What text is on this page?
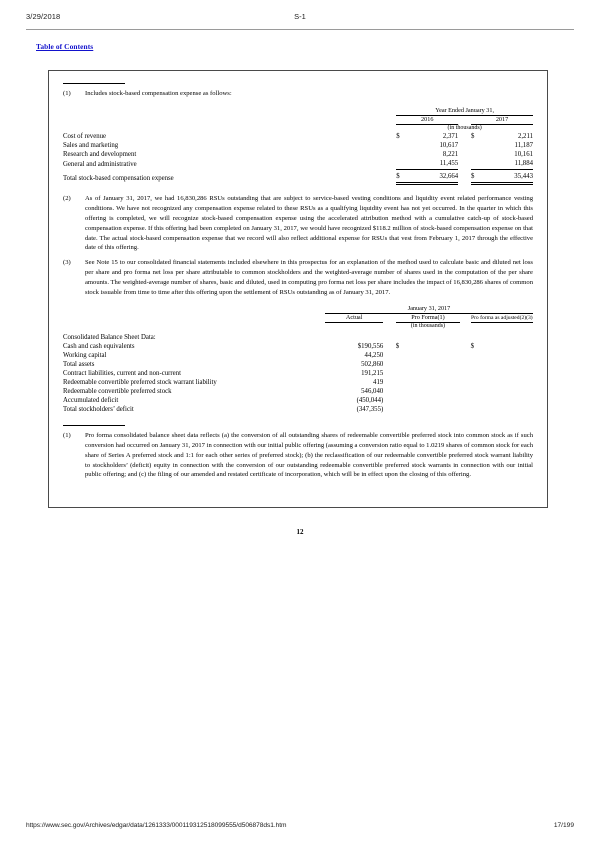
3/29/2018	S-1
Table of Contents
(1)	Includes stock-based compensation expense as follows:
	Year Ended January 31,				
	2016			2017	
	(in thousands)				
Cost of revenue	$	2,371		$	2,211
Sales and marketing		10,617			11,187
Research and development		8,221			10,161
General and administrative		11,455			11,884

Total stock-based compensation expense	$	32,664		$	35,443
(2)	As of January 31, 2017, we had 16,830,286 RSUs outstanding that are subject to service-based vesting conditions and liquidity event related performance vesting conditions. We have not recognized any compensation expense related to these RSUs as a qualifying liquidity event has not yet occurred. In the quarter in which this offering is completed, we will recognize stock-based compensation expense using the accelerated attribution method with a cumulative catch-up of stock-based compensation expense. If this offering had been completed on January 31, 2017, we would have recognized $118.2 million of stock-based compensation expense on that date. The actual stock-based compensation expense that we record will also reflect additional expense for RSUs that vest from February 1, 2017 through the effective date of this offering.
(3)	See Note 15 to our consolidated financial statements included elsewhere in this prospectus for an explanation of the method used to calculate basic and diluted net loss per share and pro forma net loss per share attributable to common stockholders and the weighted-average number of shares used in the computation of the per share amounts. The weighted-average number of shares, basic and diluted, used in computing pro forma net loss per share includes the impact of 16,830,286 shares of common stock issuable from time to time after this offering upon the settlement of RSUs outstanding as of January 31, 2017.
	January 31, 2017				
	Actual		Pro Forma(1)		Pro forma as adjusted(2)(3)
			(in thousands)		

Consolidated Balance Sheet Data:					
Cash and cash equivalents	$190,556		$		$
Working capital	44,250				
Total assets	502,860				
Contract liabilities, current and non-current	191,215				
Redeemable convertible preferred stock warrant liability	419				
Redeemable convertible preferred stock	546,040				
Accumulated deficit	(450,044)				
Total stockholders’ deficit	(347,355)				
(1)	Pro forma consolidated balance sheet data reflects (a) the conversion of all outstanding shares of redeemable convertible preferred stock into common stock as if such conversion had occurred on January 31, 2017 in connection with our initial public offering (assuming a conversion ratio equal to 1.0219 shares of common stock for each share of Series A preferred stock and 1:1 for each other series of preferred stock); (b) the reclassification of our redeemable convertible preferred stock warrant liability to stockholders’ (deficit) equity in connection with the conversion of our outstanding redeemable convertible preferred stock warrants in connection with our initial public offering; and (c) the filing of our amended and restated certificate of incorporation, which will be in effect upon the closing of this offering.
12
https://www.sec.gov/Archives/edgar/data/1261333/000119312518099555/d506878ds1.htm	17/199
